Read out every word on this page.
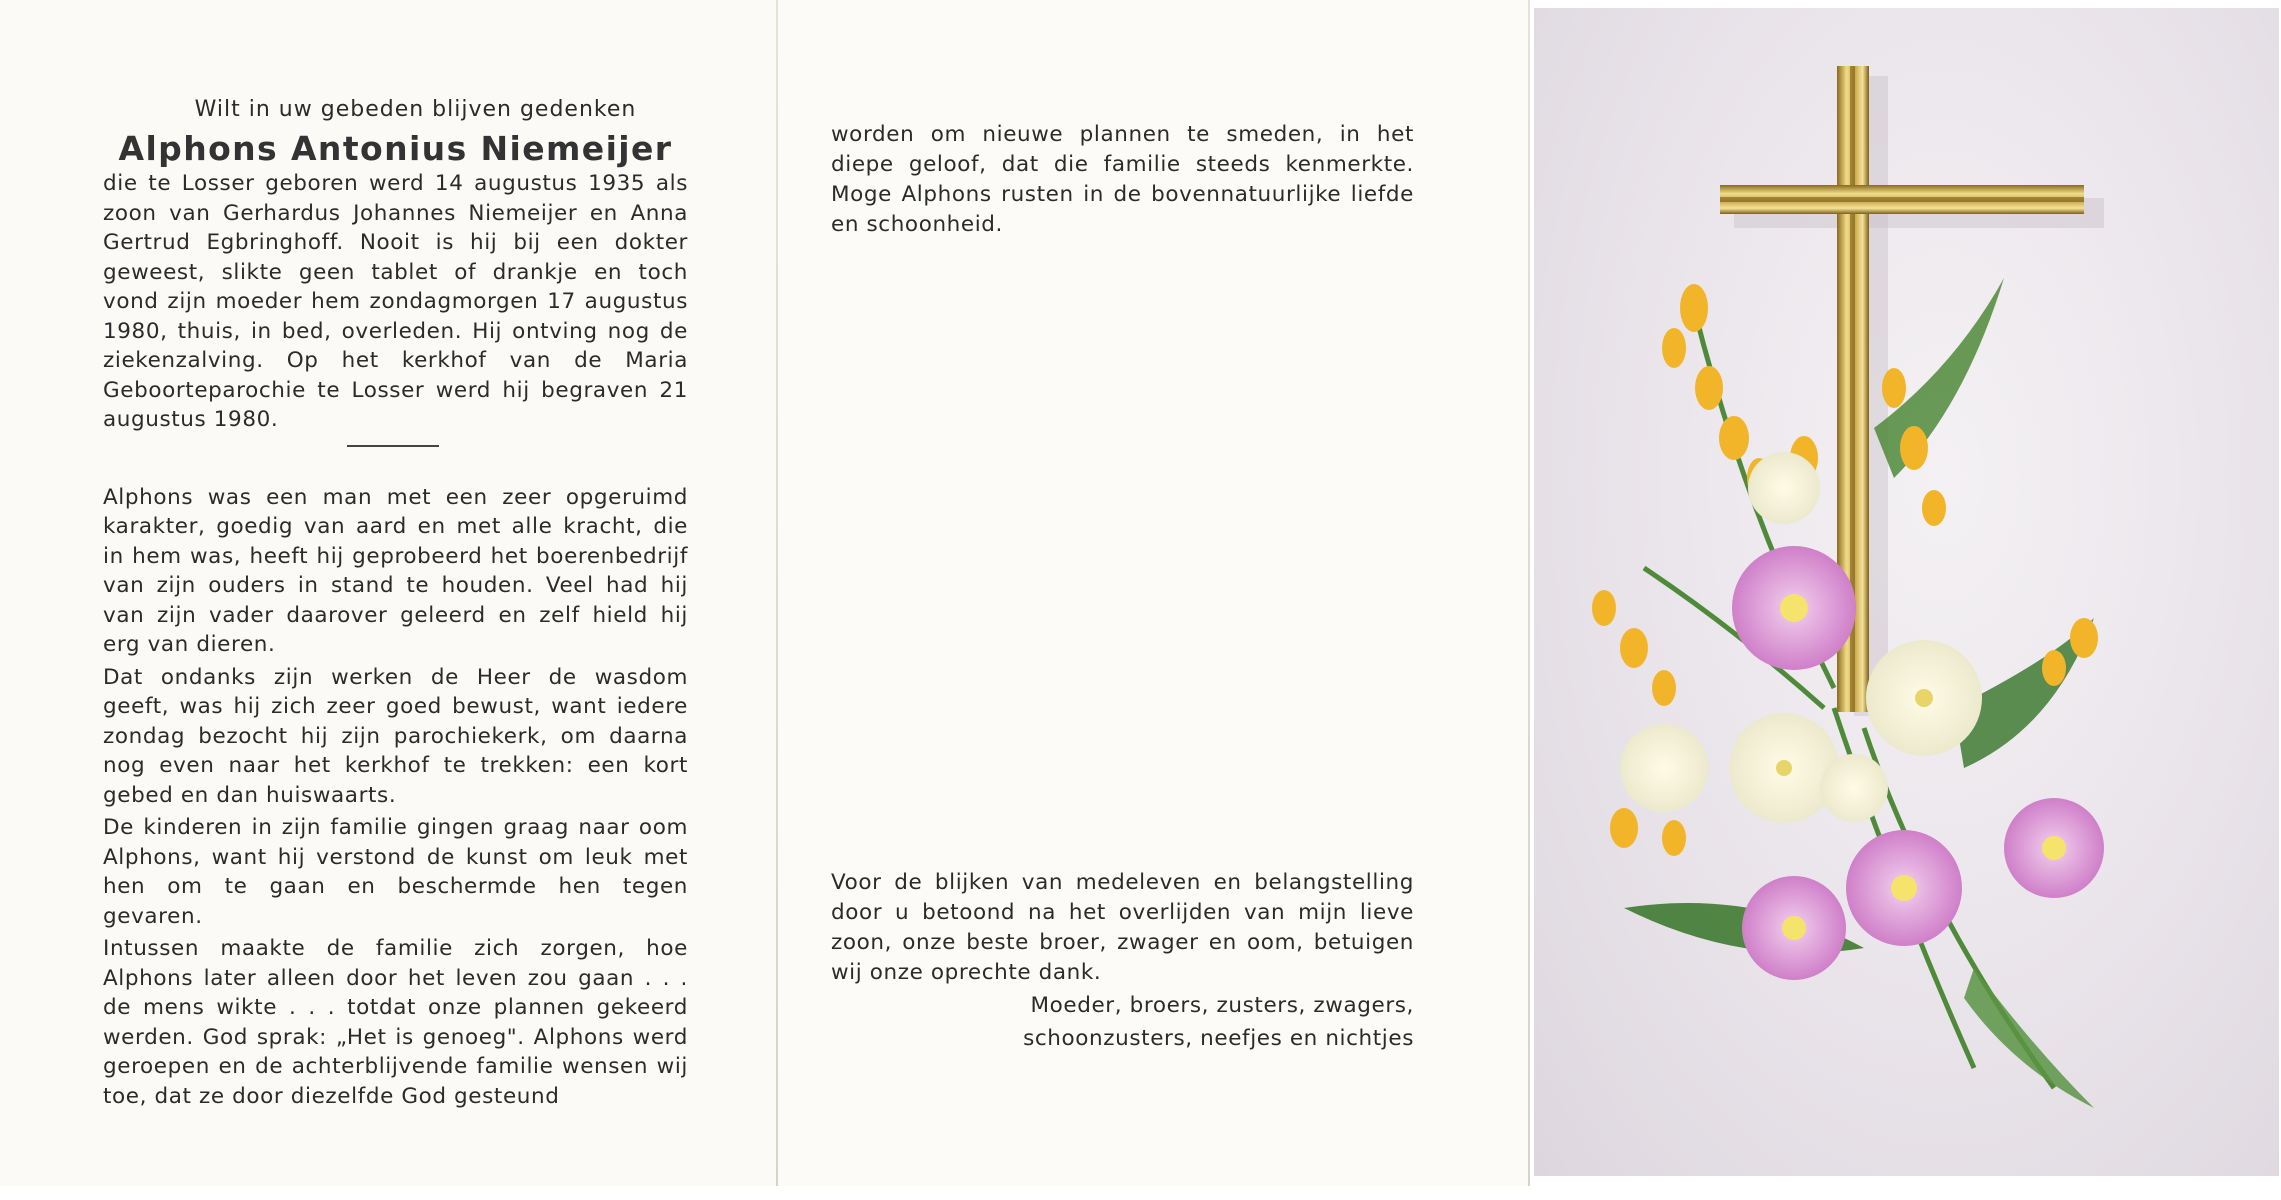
Wilt in uw gebeden blijven gedenken
Alphons Antonius Niemeijer

die te Losser geboren werd 14 augustus 1935 als zoon van Gerhardus Johannes Niemeijer en Anna Gertrud Egbringhoff. Nooit is hij bij een dokter geweest, slikte geen tablet of drankje en toch vond zijn moeder hem zondagmorgen 17 augustus 1980, thuis, in bed, overleden. Hij ontving nog de ziekenzalving. Op het kerkhof van de Maria Geboorteparochie te Losser werd hij begraven 21 augustus 1980.

Alphons was een man met een zeer opgeruimd karakter, goedig van aard en met alle kracht, die in hem was, heeft hij geprobeerd het boerenbedrijf van zijn ouders in stand te houden. Veel had hij van zijn vader daarover geleerd en zelf hield hij erg van dieren.

Dat ondanks zijn werken de Heer de wasdom geeft, was hij zich zeer goed bewust, want iedere zondag bezocht hij zijn parochiekerk, om daarna nog even naar het kerkhof te trekken: een kort gebed en dan huiswaarts.

De kinderen in zijn familie gingen graag naar oom Alphons, want hij verstond de kunst om leuk met hen om te gaan en beschermde hen tegen gevaren.

Intussen maakte de familie zich zorgen, hoe Alphons later alleen door het leven zou gaan . . . de mens wikte . . . totdat onze plannen gekeerd werden. God sprak: „Het is genoeg". Alphons werd geroepen en de achterblijvende familie wensen wij toe, dat ze door diezelfde God gesteund

worden om nieuwe plannen te smeden, in het diepe geloof, dat die familie steeds kenmerkte. Moge Alphons rusten in de bovennatuurlijke liefde en schoonheid.

Voor de blijken van medeleven en belangstelling door u betoond na het overlijden van mijn lieve zoon, onze beste broer, zwager en oom, betuigen wij onze oprechte dank.

Moeder, broers, zusters, zwagers,
schoonzusters, neefjes en nichtjes
